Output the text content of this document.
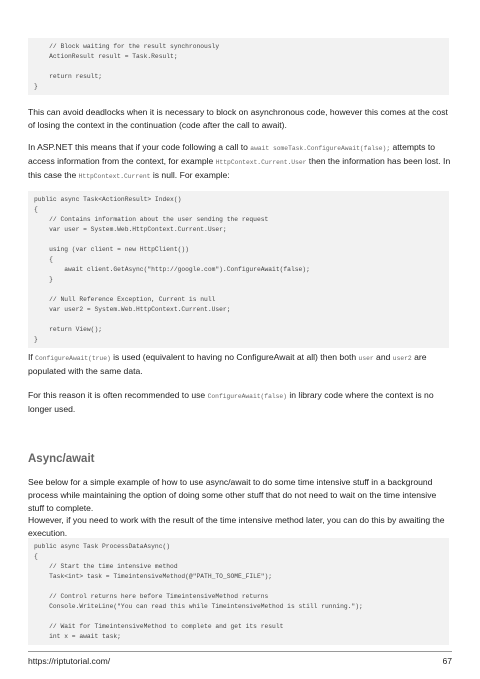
// Block waiting for the result synchronously
ActionResult result = Task.Result;
return result;
}

This can avoid deadlocks when it is necessary to block on asynchronous code, however this comes at the cost of losing the context in the continuation (code after the call to await).

In ASP.NET this means that if your code following a call to await someTask.ConfigureAwait(false); attempts to access information from the context, for example HttpContext.Current.User then the information has been lost. In this case the HttpContext.Current is null. For example:

public async Task<ActionResult> Index()
{
// Contains information about the user sending the request
var user = System.Web.HttpContext.Current.User;
using (var client = new HttpClient())
{
await client.GetAsync("http://google.com").ConfigureAwait(false);
}
// Null Reference Exception, Current is null
var user2 = System.Web.HttpContext.Current.User;
return View();
}

If ConfigureAwait(true) is used (equivalent to having no ConfigureAwait at all) then both user and user2 are populated with the same data.

For this reason it is often recommended to use ConfigureAwait(false) in library code where the context is no longer used.

Async/await

See below for a simple example of how to use async/await to do some time intensive stuff in a background process while maintaining the option of doing some other stuff that do not need to wait on the time intensive stuff to complete.

However, if you need to work with the result of the time intensive method later, you can do this by awaiting the execution.

public async Task ProcessDataAsync()
{
// Start the time intensive method
Task<int> task = TimeintensiveMethod(@"PATH_TO_SOME_FILE");
// Control returns here before TimeintensiveMethod returns
Console.WriteLine("You can read this while TimeintensiveMethod is still running.");
// Wait for TimeintensiveMethod to complete and get its result
int x = await task;
https://riptutorial.com/	67
